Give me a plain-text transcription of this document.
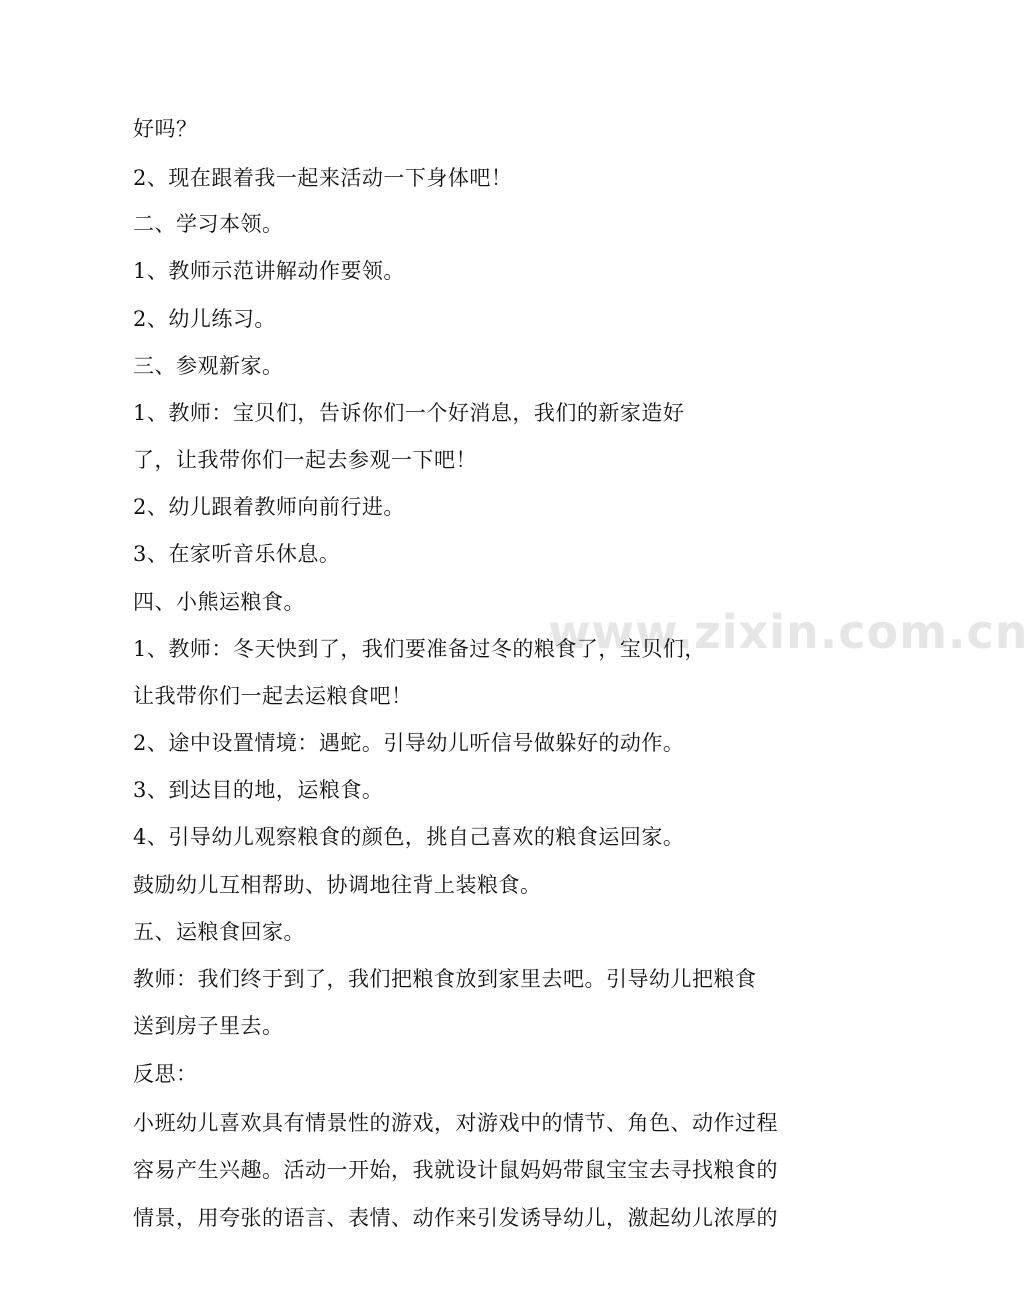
www.zixin.com.cn
好吗？
2、现在跟着我一起来活动一下身体吧！
二、学习本领。
1、教师示范讲解动作要领。
2、幼儿练习。
三、参观新家。
1、教师：宝贝们，告诉你们一个好消息，我们的新家造好
了，让我带你们一起去参观一下吧！
2、幼儿跟着教师向前行进。
3、在家听音乐休息。
四、小熊运粮食。
1、教师：冬天快到了，我们要准备过冬的粮食了，宝贝们，
让我带你们一起去运粮食吧！
2、途中设置情境：遇蛇。引导幼儿听信号做躲好的动作。
3、到达目的地，运粮食。
4、引导幼儿观察粮食的颜色，挑自己喜欢的粮食运回家。
鼓励幼儿互相帮助、协调地往背上装粮食。
五、运粮食回家。
教师：我们终于到了，我们把粮食放到家里去吧。引导幼儿把粮食
送到房子里去。
反思：
小班幼儿喜欢具有情景性的游戏，对游戏中的情节、角色、动作过程
容易产生兴趣。活动一开始，我就设计鼠妈妈带鼠宝宝去寻找粮食的
情景，用夸张的语言、表情、动作来引发诱导幼儿，激起幼儿浓厚的
